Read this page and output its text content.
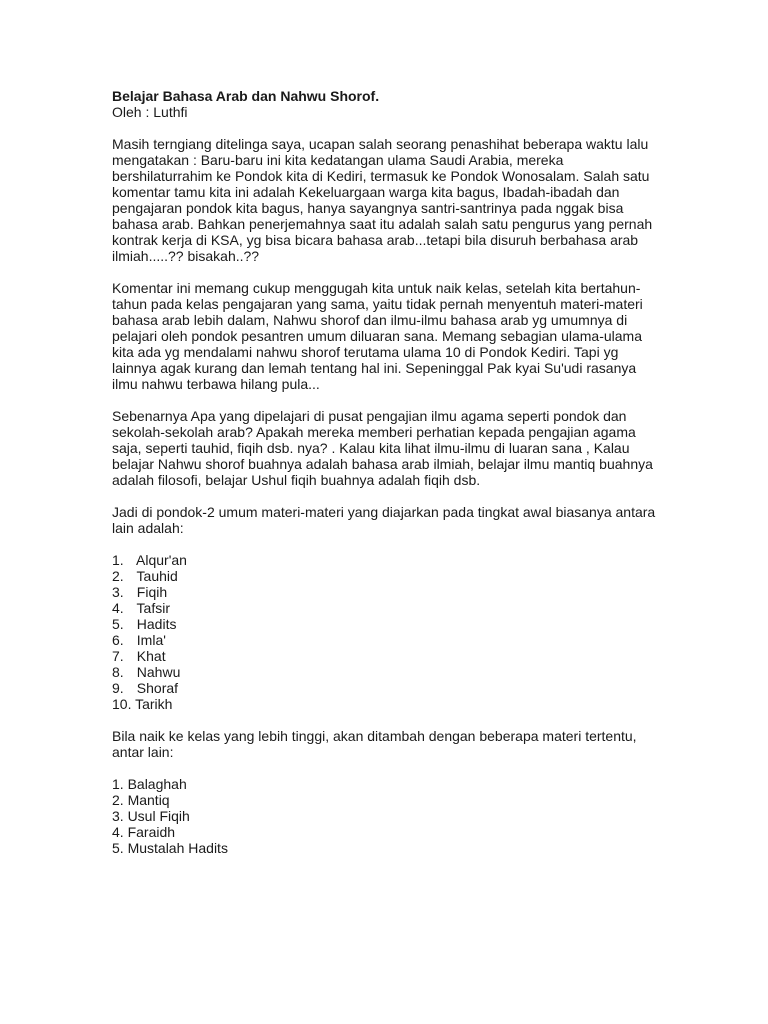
Belajar Bahasa Arab dan Nahwu Shorof.
Oleh : Luthfi
Masih terngiang ditelinga saya, ucapan salah seorang penashihat beberapa waktu lalu
mengatakan : Baru-baru ini kita kedatangan ulama Saudi Arabia, mereka
bershilaturrahim ke Pondok kita di Kediri, termasuk ke Pondok Wonosalam. Salah satu
komentar tamu kita ini adalah Kekeluargaan warga kita bagus, Ibadah-ibadah dan
pengajaran pondok kita bagus, hanya sayangnya santri-santrinya pada nggak bisa
bahasa arab. Bahkan penerjemahnya saat itu adalah salah satu pengurus yang pernah
kontrak kerja di KSA, yg bisa bicara bahasa arab...tetapi bila disuruh berbahasa arab
ilmiah.....?? bisakah..??
Komentar ini memang cukup menggugah kita untuk naik kelas, setelah kita bertahun-
tahun pada kelas pengajaran yang sama, yaitu tidak pernah menyentuh materi-materi
bahasa arab lebih dalam, Nahwu shorof dan ilmu-ilmu bahasa arab yg umumnya di
pelajari oleh pondok pesantren umum diluaran sana. Memang sebagian ulama-ulama
kita ada yg mendalami nahwu shorof terutama ulama 10 di Pondok Kediri. Tapi yg
lainnya agak kurang dan lemah tentang hal ini. Sepeninggal Pak kyai Su'udi rasanya
ilmu nahwu terbawa hilang pula...
Sebenarnya Apa yang dipelajari di pusat pengajian ilmu agama seperti pondok dan
sekolah-sekolah arab? Apakah mereka memberi perhatian kepada pengajian agama
saja, seperti tauhid, fiqih dsb. nya? . Kalau kita lihat ilmu-ilmu di luaran sana , Kalau
belajar Nahwu shorof buahnya adalah bahasa arab ilmiah, belajar ilmu mantiq buahnya
adalah filosofi, belajar Ushul fiqih buahnya adalah fiqih dsb.
Jadi di pondok-2 umum materi-materi yang diajarkan pada tingkat awal biasanya antara
lain adalah:
1. Alqur'an
2. Tauhid
3. Fiqih
4. Tafsir
5. Hadits
6. Imla'
7. Khat
8. Nahwu
9. Shoraf
10. Tarikh
Bila naik ke kelas yang lebih tinggi, akan ditambah dengan beberapa materi tertentu,
antar lain:
1. Balaghah
2. Mantiq
3. Usul Fiqih
4. Faraidh
5. Mustalah Hadits
